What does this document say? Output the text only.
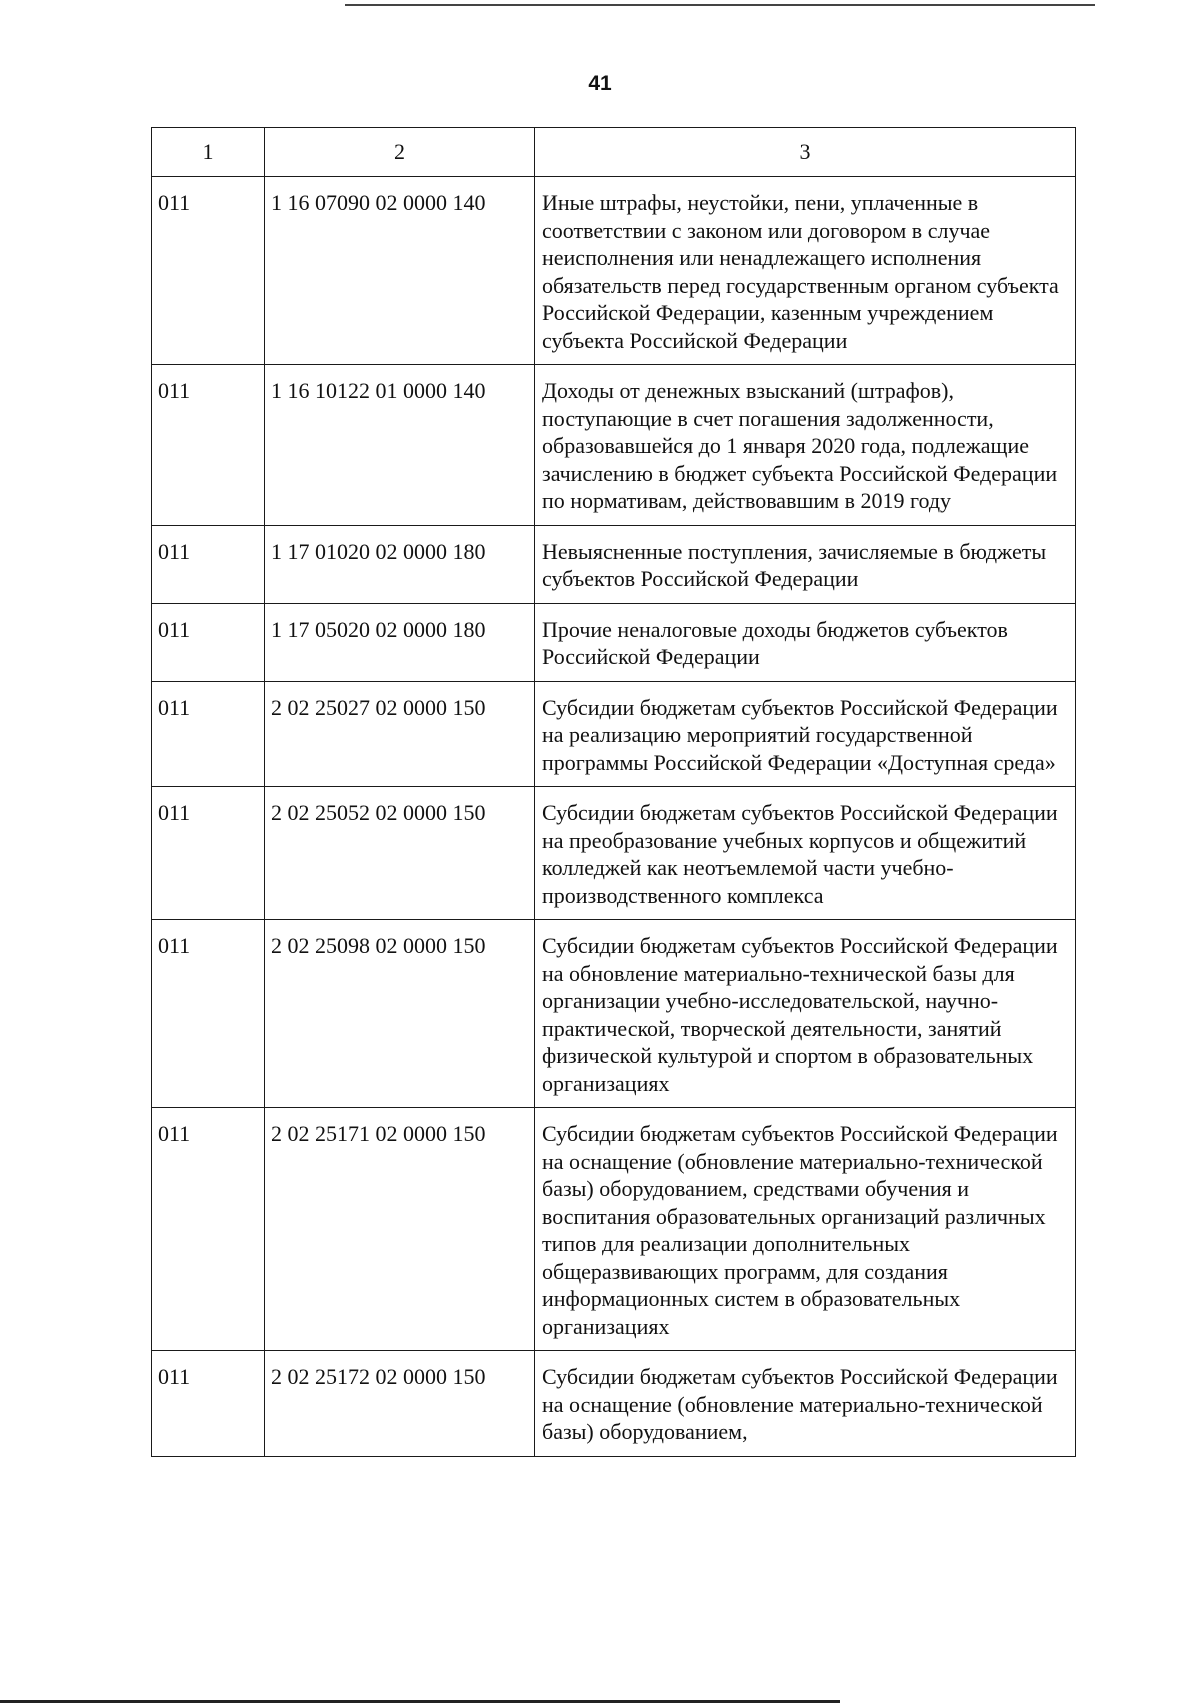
41
1	2	3
011	1 16 07090 02 0000 140	Иные штрафы, неустойки, пени, уплаченные в соответствии с законом или договором в случае неисполнения или ненадлежащего исполнения обязательств перед государственным органом субъекта Российской Федерации, казенным учреждением субъекта Российской Федерации
011	1 16 10122 01 0000 140	Доходы от денежных взысканий (штрафов), поступающие в счет погашения задолженности, образовавшейся до 1 января 2020 года, подлежащие зачислению в бюджет субъекта Российской Федерации по нормативам, действовавшим в 2019 году
011	1 17 01020 02 0000 180	Невыясненные поступления, зачисляемые в бюджеты субъектов Российской Федерации
011	1 17 05020 02 0000 180	Прочие неналоговые доходы бюджетов субъектов Российской Федерации
011	2 02 25027 02 0000 150	Субсидии бюджетам субъектов Российской Федерации на реализацию мероприятий государственной программы Российской Федерации «Доступная среда»
011	2 02 25052 02 0000 150	Субсидии бюджетам субъектов Российской Федерации на преобразование учебных корпусов и общежитий колледжей как неотъемлемой части учебно-производственного комплекса
011	2 02 25098 02 0000 150	Субсидии бюджетам субъектов Российской Федерации на обновление материально-технической базы для организации учебно-исследовательской, научно-практической, творческой деятельности, занятий физической культурой и спортом в образовательных организациях
011	2 02 25171 02 0000 150	Субсидии бюджетам субъектов Российской Федерации на оснащение (обновление материально-технической базы) оборудованием, средствами обучения и воспитания образовательных организаций различных типов для реализации дополнительных общеразвивающих программ, для создания информационных систем в образовательных организациях
011	2 02 25172 02 0000 150	Субсидии бюджетам субъектов Российской Федерации на оснащение (обновление материально-технической базы) оборудованием,
